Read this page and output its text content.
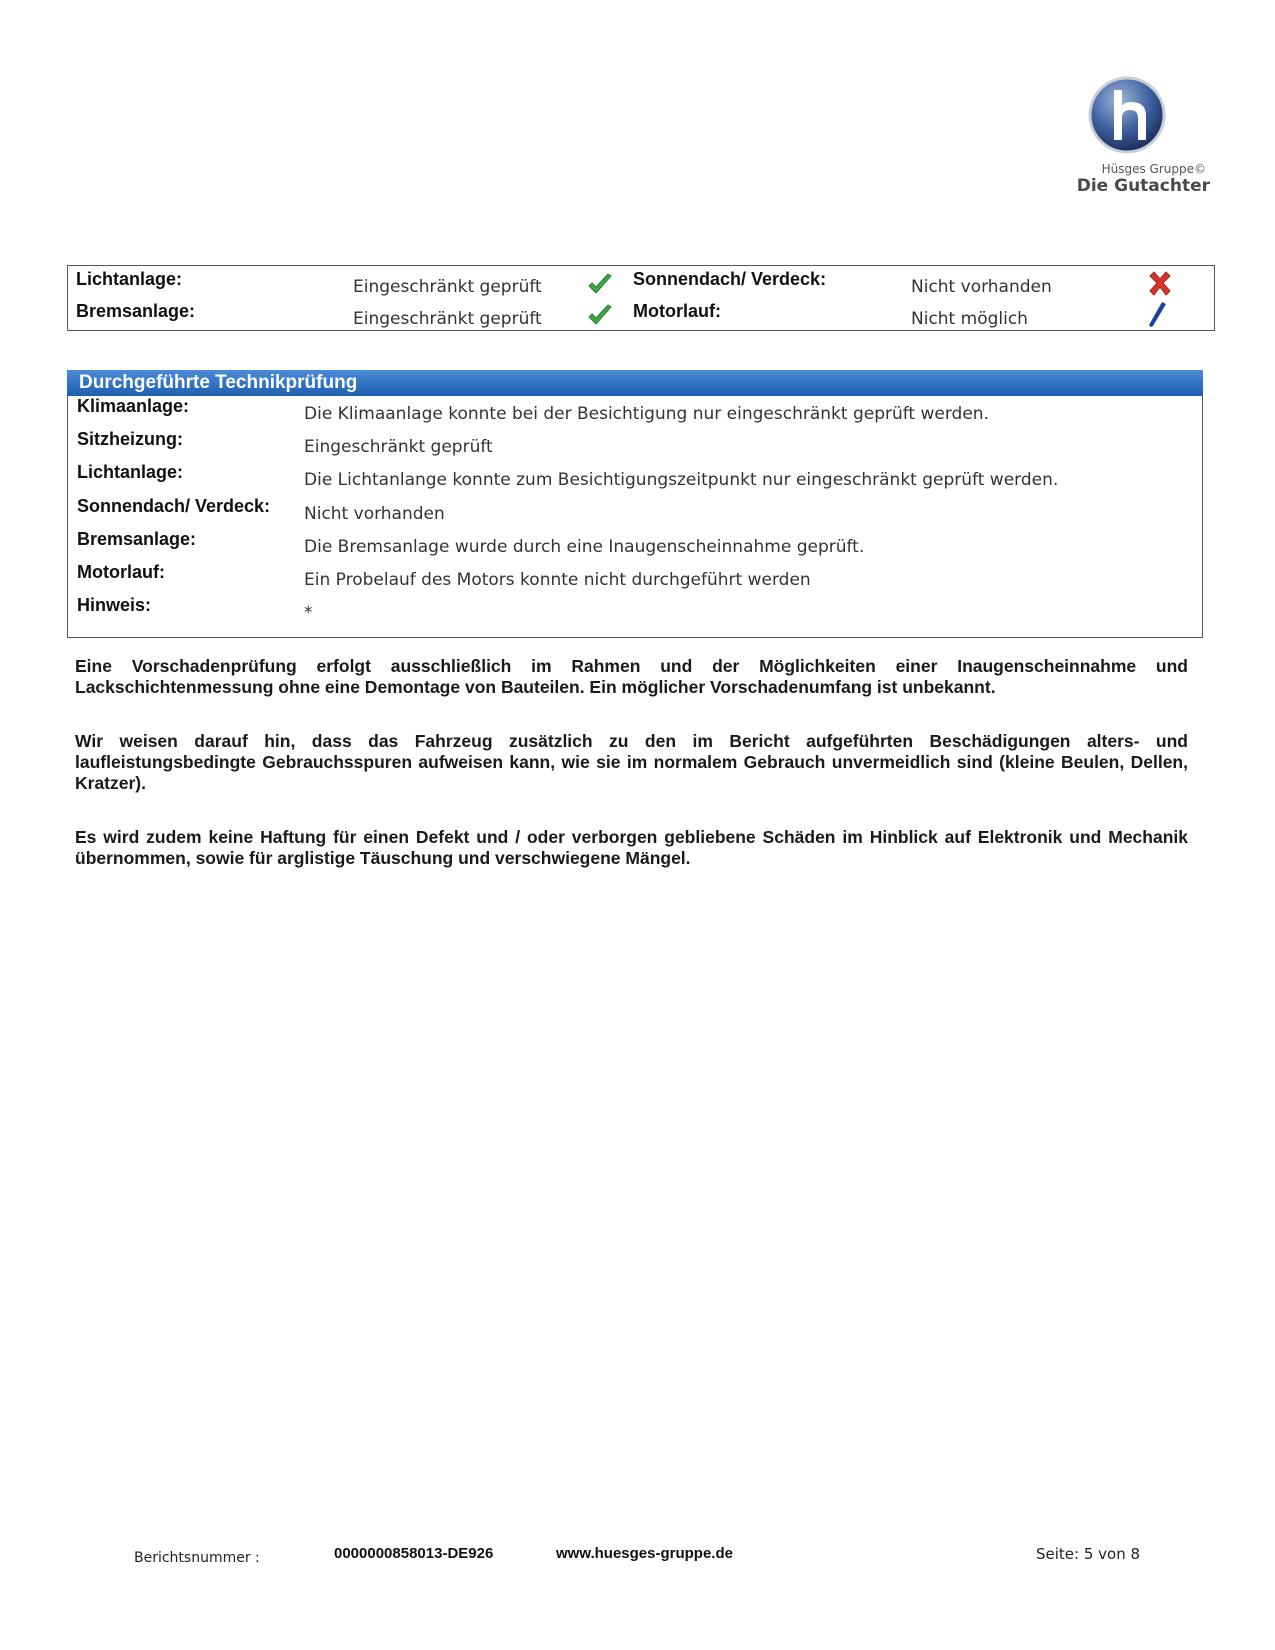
Hüsges Gruppe©
Die Gutachter
Lichtanlage:	Eingeschränkt geprüft	Sonnendach/ Verdeck:	Nicht vorhanden
Bremsanlage:	Eingeschränkt geprüft	Motorlauf:	Nicht möglich
Durchgeführte Technikprüfung
Klimaanlage:	Die Klimaanlage konnte bei der Besichtigung nur eingeschränkt geprüft werden.
Sitzheizung:	Eingeschränkt geprüft
Lichtanlage:	Die Lichtanlange konnte zum Besichtigungszeitpunkt nur eingeschränkt geprüft werden.
Sonnendach/ Verdeck: Nicht vorhanden
Bremsanlage:	Die Bremsanlage wurde durch eine Inaugenscheinnahme geprüft.
Motorlauf:	Ein Probelauf des Motors konnte nicht durchgeführt werden
Hinweis:	*

Eine Vorschadenprüfung erfolgt ausschließlich im Rahmen und der Möglichkeiten einer Inaugenscheinnahme und Lackschichtenmessung ohne eine Demontage von Bauteilen. Ein möglicher Vorschadenumfang ist unbekannt.

Wir weisen darauf hin, dass das Fahrzeug zusätzlich zu den im Bericht aufgeführten Beschädigungen alters- und laufleistungsbedingte Gebrauchsspuren aufweisen kann, wie sie im normalem Gebrauch unvermeidlich sind (kleine Beulen, Dellen, Kratzer).

Es wird zudem keine Haftung für einen Defekt und / oder verborgen gebliebene Schäden im Hinblick auf Elektronik und Mechanik übernommen, sowie für arglistige Täuschung und verschwiegene Mängel.

Berichtsnummer :	0000000858013-DE926	www.huesges-gruppe.de	Seite: 5 von 8
